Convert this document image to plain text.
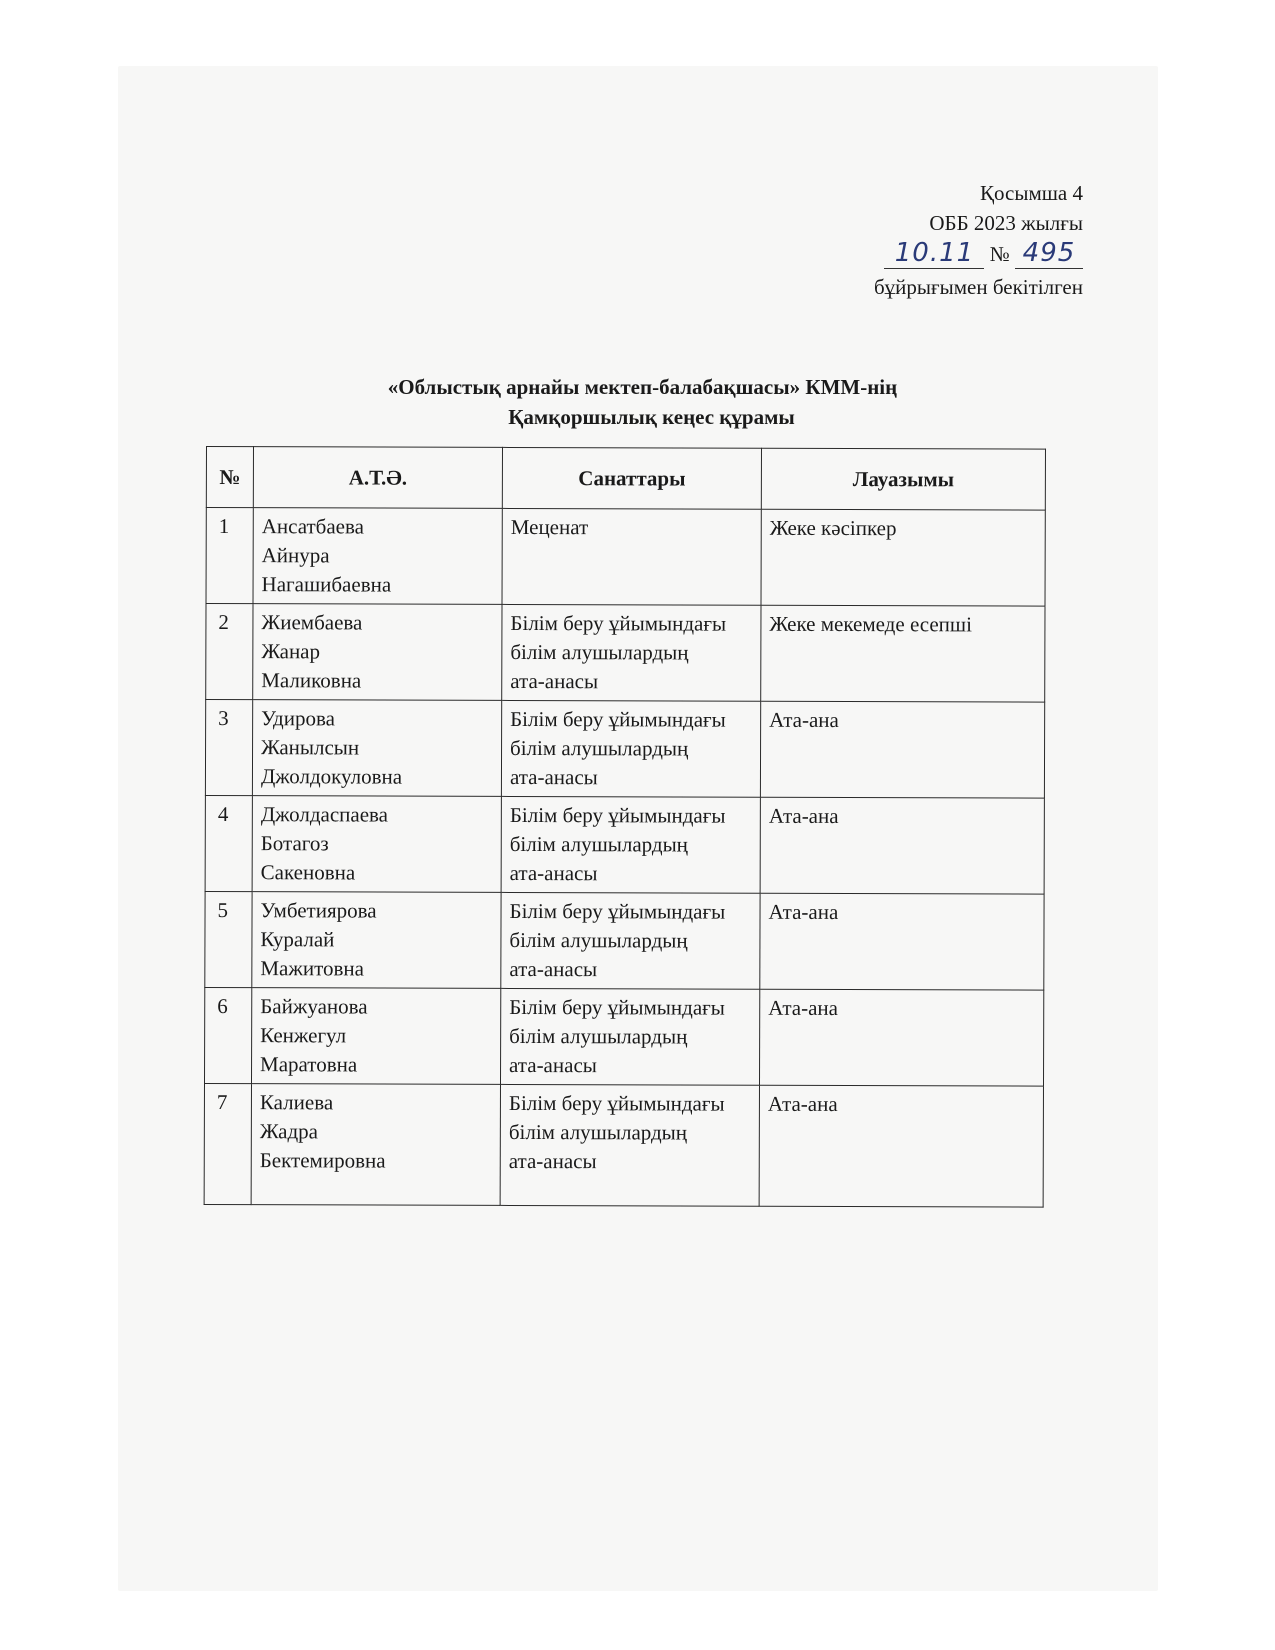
Қосымша 4
ОББ 2023 жылғы
10.11 № 495
бұйрығымен бекітілген
«Облыстық арнайы мектеп-балабақшасы» КММ-нің
Қамқоршылық кеңес құрамы
№	А.Т.Ә.	Санаттары	Лауазымы
1	Ансатбаева
Айнура
Нагашибаевна	Меценат	Жеке кәсіпкер
2	Жиембаева
Жанар
Маликовна	Білім беру ұйымындағы
білім алушылардың
ата-анасы	Жеке мекемеде есепші
3	Удирова
Жанылсын
Джолдокуловна	Білім беру ұйымындағы
білім алушылардың
ата-анасы	Ата-ана
4	Джолдаспаева
Ботагоз
Сакеновна	Білім беру ұйымындағы
білім алушылардың
ата-анасы	Ата-ана
5	Умбетиярова
Куралай
Мажитовна	Білім беру ұйымындағы
білім алушылардың
ата-анасы	Ата-ана
6	Байжуанова
Кенжегул
Маратовна	Білім беру ұйымындағы
білім алушылардың
ата-анасы	Ата-ана
7	Калиева
Жадра
Бектемировна	Білім беру ұйымындағы
білім алушылардың
ата-анасы	Ата-ана
